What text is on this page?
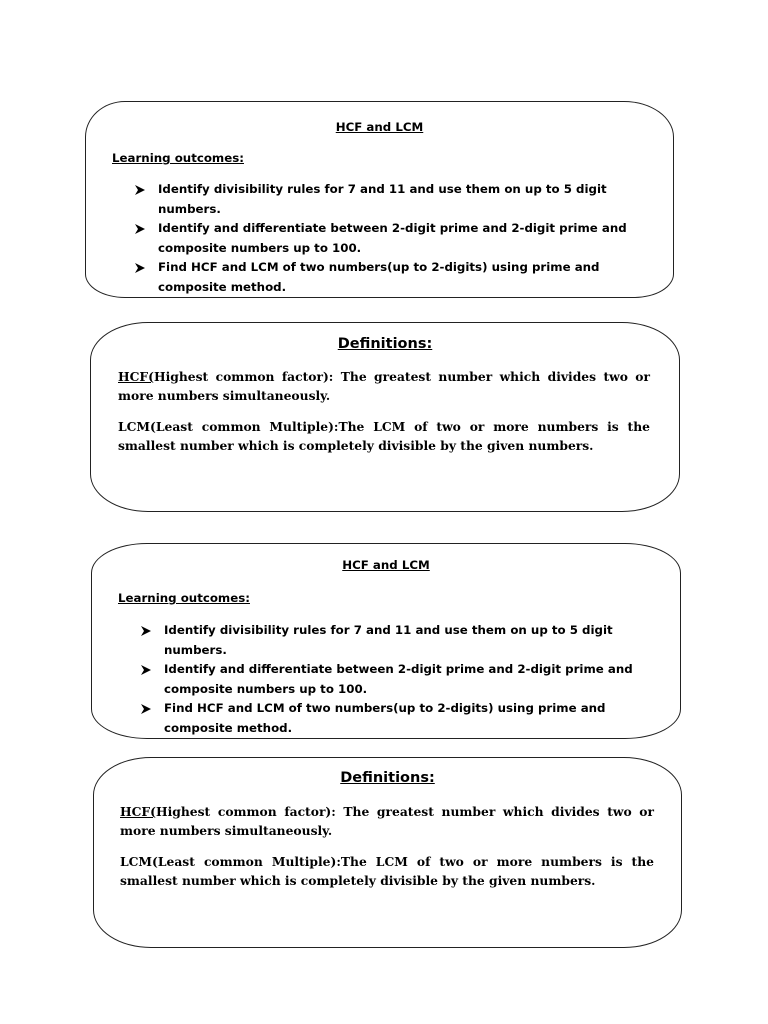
HCF and LCM

Learning outcomes:

Identify divisibility rules for 7 and 11 and use them on up to 5 digit numbers.
Identify and differentiate between 2-digit prime and 2-digit prime and composite numbers up to 100.
Find HCF and LCM of two numbers(up to 2-digits) using prime and composite method.

Definitions:

HCF(Highest common factor): The greatest number which divides two or more numbers simultaneously.

LCM(Least common Multiple):The LCM of two or more numbers is the smallest number which is completely divisible by the given numbers.

HCF and LCM

Learning outcomes:

Identify divisibility rules for 7 and 11 and use them on up to 5 digit numbers.
Identify and differentiate between 2-digit prime and 2-digit prime and composite numbers up to 100.
Find HCF and LCM of two numbers(up to 2-digits) using prime and composite method.

Definitions:

HCF(Highest common factor): The greatest number which divides two or more numbers simultaneously.

LCM(Least common Multiple):The LCM of two or more numbers is the smallest number which is completely divisible by the given numbers.
